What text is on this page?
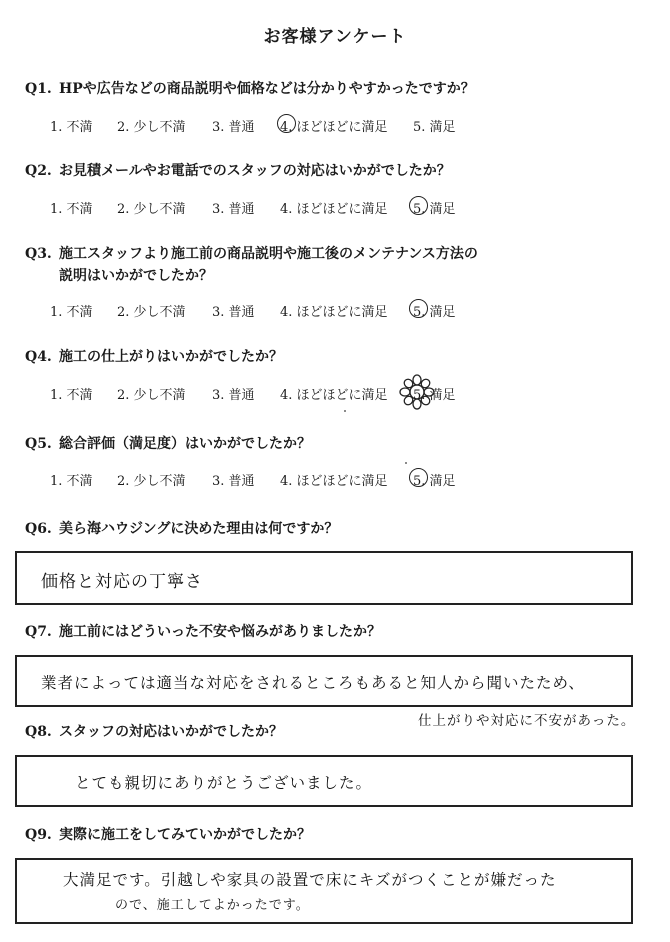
お客様アンケート
Q1. HPや広告などの商品説明や価格などは分かりやすかったですか？
1. 不満 2. 少し不満 3. 普通 4. ほどほどに満足 5. 満足
Q2. お見積メールやお電話でのスタッフの対応はいかがでしたか？
1. 不満 2. 少し不満 3. 普通 4. ほどほどに満足 5. 満足
Q3. 施工スタッフより施工前の商品説明や施工後のメンテナンス方法の
説明はいかがでしたか？
1. 不満 2. 少し不満 3. 普通 4. ほどほどに満足 5. 満足
Q4. 施工の仕上がりはいかがでしたか？
1. 不満 2. 少し不満 3. 普通 4. ほどほどに満足 5. 満足
Q5. 総合評価（満足度）はいかがでしたか？
1. 不満 2. 少し不満 3. 普通 4. ほどほどに満足 5. 満足
Q6. 美ら海ハウジングに決めた理由は何ですか？
価格と対応の丁寧さ
Q7. 施工前にはどういった不安や悩みがありましたか？
業者によっては適当な対応をされるところもあると知人から聞いたため、
仕上がりや対応に不安があった。
Q8. スタッフの対応はいかがでしたか？
とても親切にありがとうございました。
Q9. 実際に施工をしてみていかがでしたか？
大満足です。引越しや家具の設置で床にキズがつくことが嫌だった
ので、施工してよかったです。
